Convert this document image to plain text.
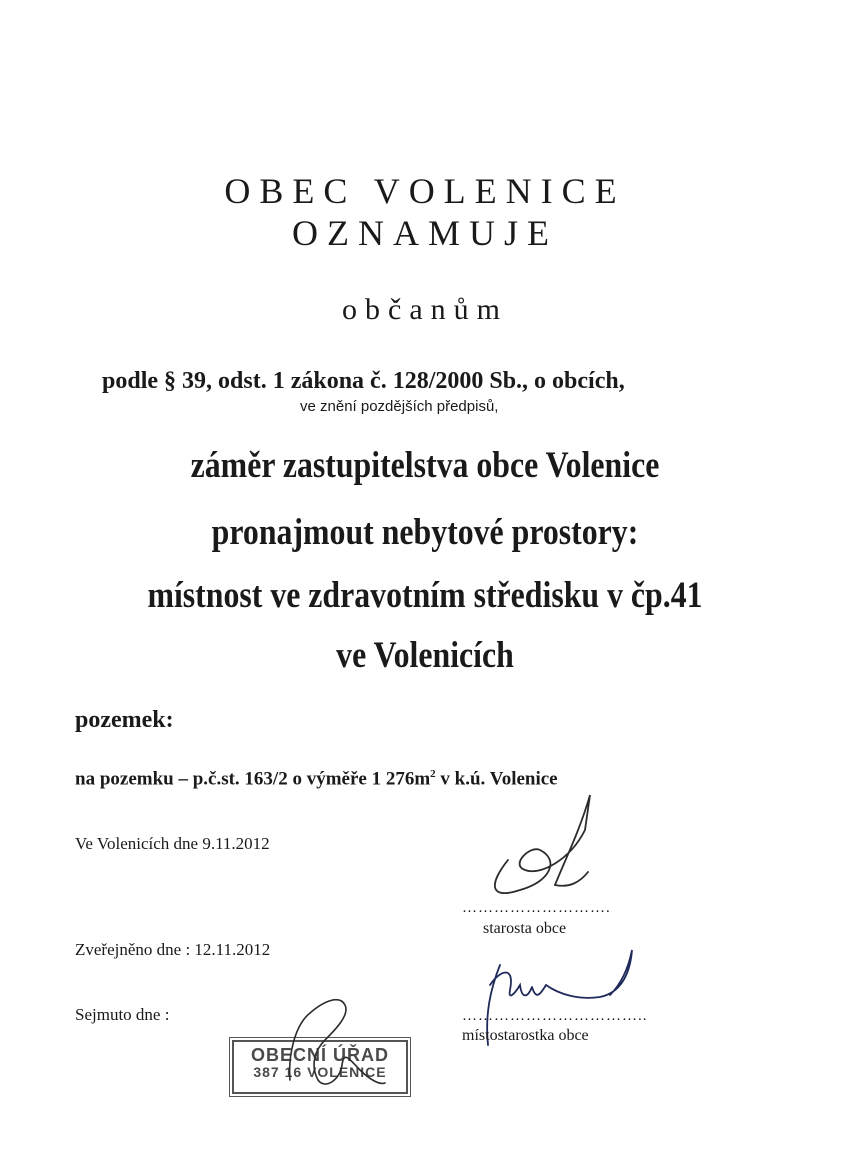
OBEC VOLENICE
OZNAMUJE
občanům
podle § 39, odst. 1 zákona č. 128/2000 Sb., o obcích,
ve znění pozdějších předpisů,
záměr zastupitelstva obce Volenice
pronajmout nebytové prostory:
místnost ve zdravotním středisku v čp.41
ve Volenicích
pozemek:
na pozemku – p.č.st. 163/2 o výměře 1 $276m^2$ v k.ú. Volenice
Ve Volenicích dne 9.11.2012
Zveřejněno dne : 12.11.2012
Sejmuto dne :
……………………….
starosta obce
……………………………..
místostarostka obce
OBECNÍ ÚŘAD
387 16 VOLENICE
